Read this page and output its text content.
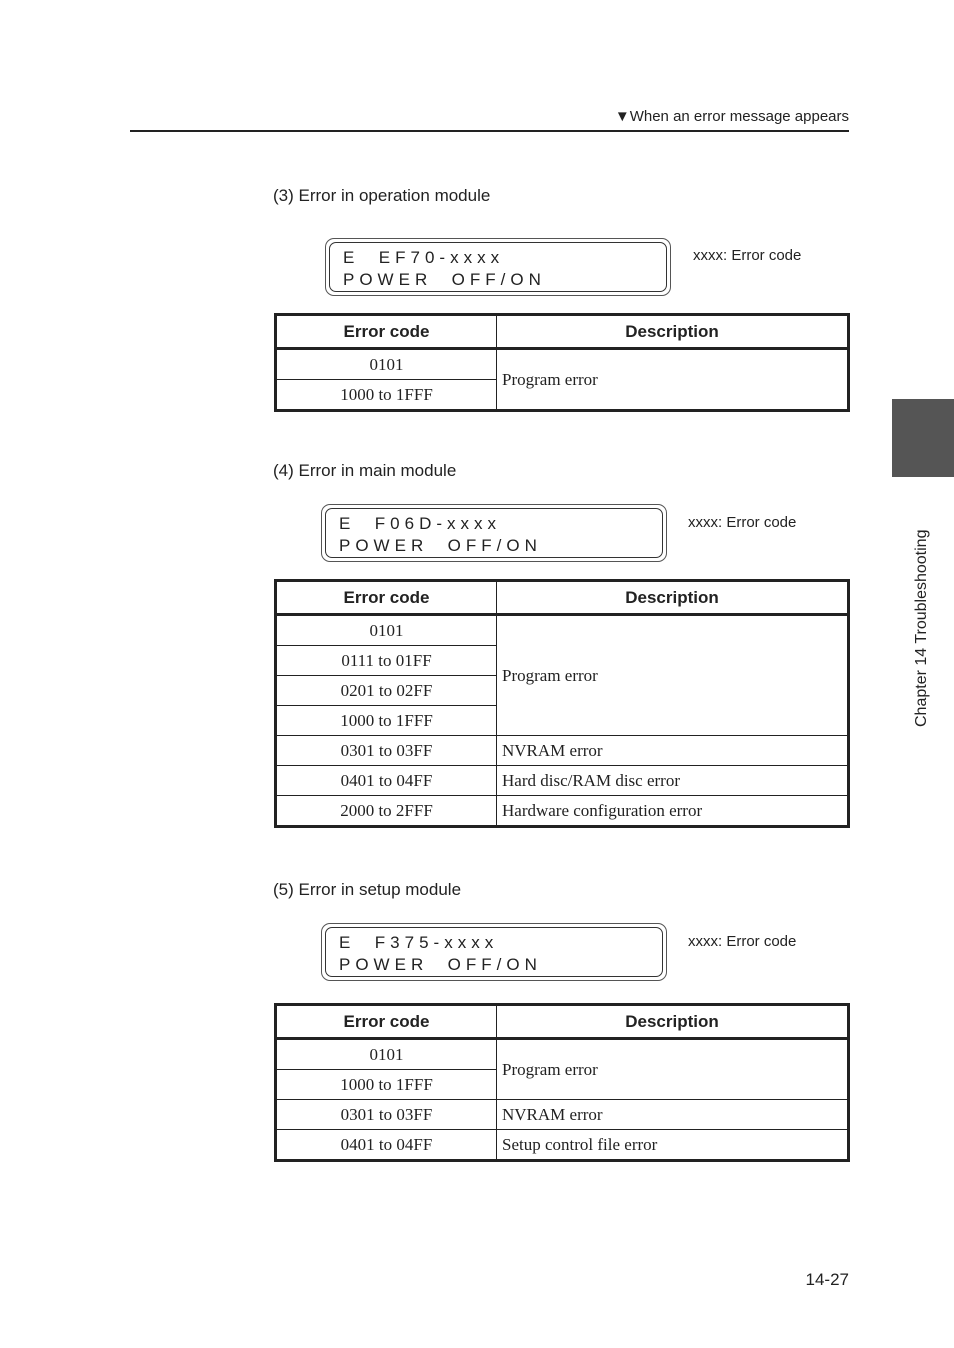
▼When an error message appears
(3) Error in operation module
E  EF70-xxxx
POWER  OFF/ON
xxxx: Error code
Error code	Description
0101	Program error
1000 to 1FFF	
(4) Error in main module
E  F06D-xxxx
POWER  OFF/ON
xxxx: Error code
Error code	Description
0101	Program error
0111 to 01FF	
0201 to 02FF	
1000 to 1FFF	
0301 to 03FF	NVRAM error
0401 to 04FF	Hard disc/RAM disc error
2000 to 2FFF	Hardware configuration error
(5) Error in setup module
E  F375-xxxx
POWER  OFF/ON
xxxx: Error code
Error code	Description
0101	Program error
1000 to 1FFF	
0301 to 03FF	NVRAM error
0401 to 04FF	Setup control file error
Chapter 14 Troubleshooting
14-27
